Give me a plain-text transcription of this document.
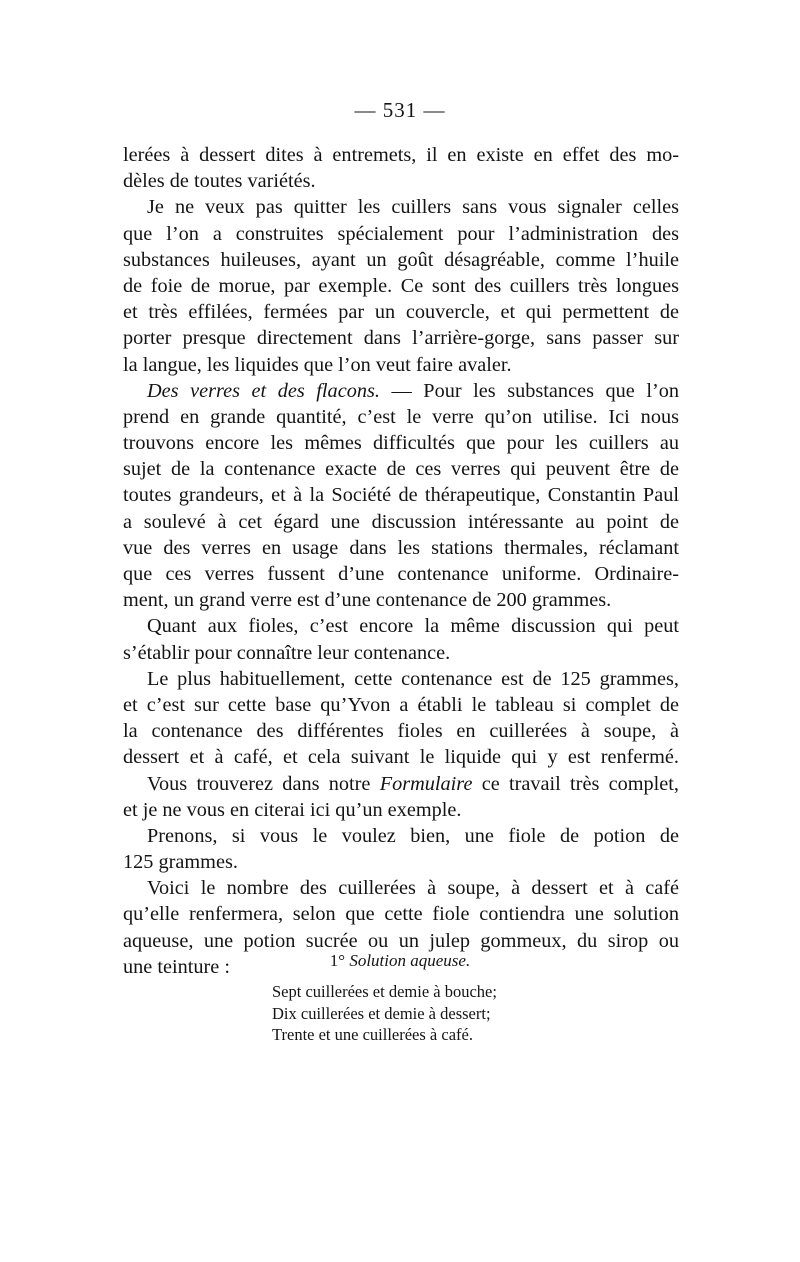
— 531 —
lerées à dessert dites à entremets, il en existe en effet des mo-
dèles de toutes variétés.
Je ne veux pas quitter les cuillers sans vous signaler celles
que l’on a construites spécialement pour l’administration des
substances huileuses, ayant un goût désagréable, comme l’huile
de foie de morue, par exemple. Ce sont des cuillers très longues
et très effilées, fermées par un couvercle, et qui permettent de
porter presque directement dans l’arrière-gorge, sans passer sur
la langue, les liquides que l’on veut faire avaler.
Des verres et des flacons. — Pour les substances que l’on
prend en grande quantité, c’est le verre qu’on utilise. Ici nous
trouvons encore les mêmes difficultés que pour les cuillers au
sujet de la contenance exacte de ces verres qui peuvent être de
toutes grandeurs, et à la Société de thérapeutique, Constantin Paul
a soulevé à cet égard une discussion intéressante au point de
vue des verres en usage dans les stations thermales, réclamant
que ces verres fussent d’une contenance uniforme. Ordinaire-
ment, un grand verre est d’une contenance de 200 grammes.
Quant aux fioles, c’est encore la même discussion qui peut
s’établir pour connaître leur contenance.
Le plus habituellement, cette contenance est de 125 grammes,
et c’est sur cette base qu’Yvon a établi le tableau si complet de
la contenance des différentes fioles en cuillerées à soupe, à
dessert et à café, et cela suivant le liquide qui y est renfermé.
Vous trouverez dans notre Formulaire ce travail très complet,
et je ne vous en citerai ici qu’un exemple.
Prenons, si vous le voulez bien, une fiole de potion de
125 grammes.
Voici le nombre des cuillerées à soupe, à dessert et à café
qu’elle renfermera, selon que cette fiole contiendra une solution
aqueuse, une potion sucrée ou un julep gommeux, du sirop ou
une teinture :	1° Solution aqueuse.
Sept cuillerées et demie à bouche;
Dix cuillerées et demie à dessert;
Trente et une cuillerées à café.
